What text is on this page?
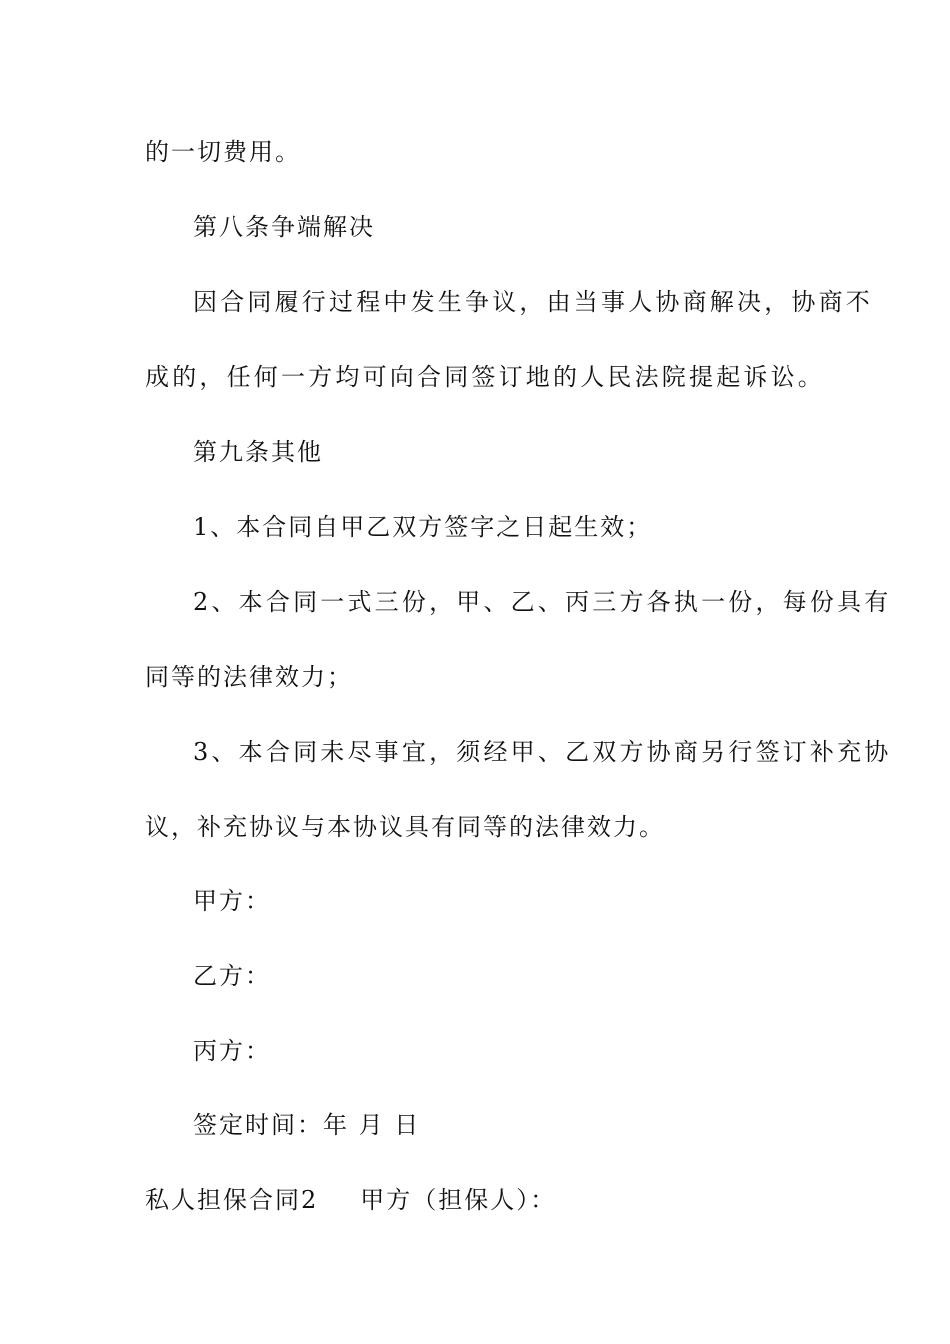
的一切费用。
第八条争端解决
因合同履行过程中发生争议，由当事人协商解决，协商不
成的，任何一方均可向合同签订地的人民法院提起诉讼。
第九条其他
1、本合同自甲乙双方签字之日起生效；
2、本合同一式三份，甲、乙、丙三方各执一份，每份具有
同等的法律效力；
3、本合同未尽事宜，须经甲、乙双方协商另行签订补充协
议，补充协议与本协议具有同等的法律效力。
甲方：
乙方：
丙方：
签定时间：年 月 日
私人担保合同2 甲方（担保人）：
